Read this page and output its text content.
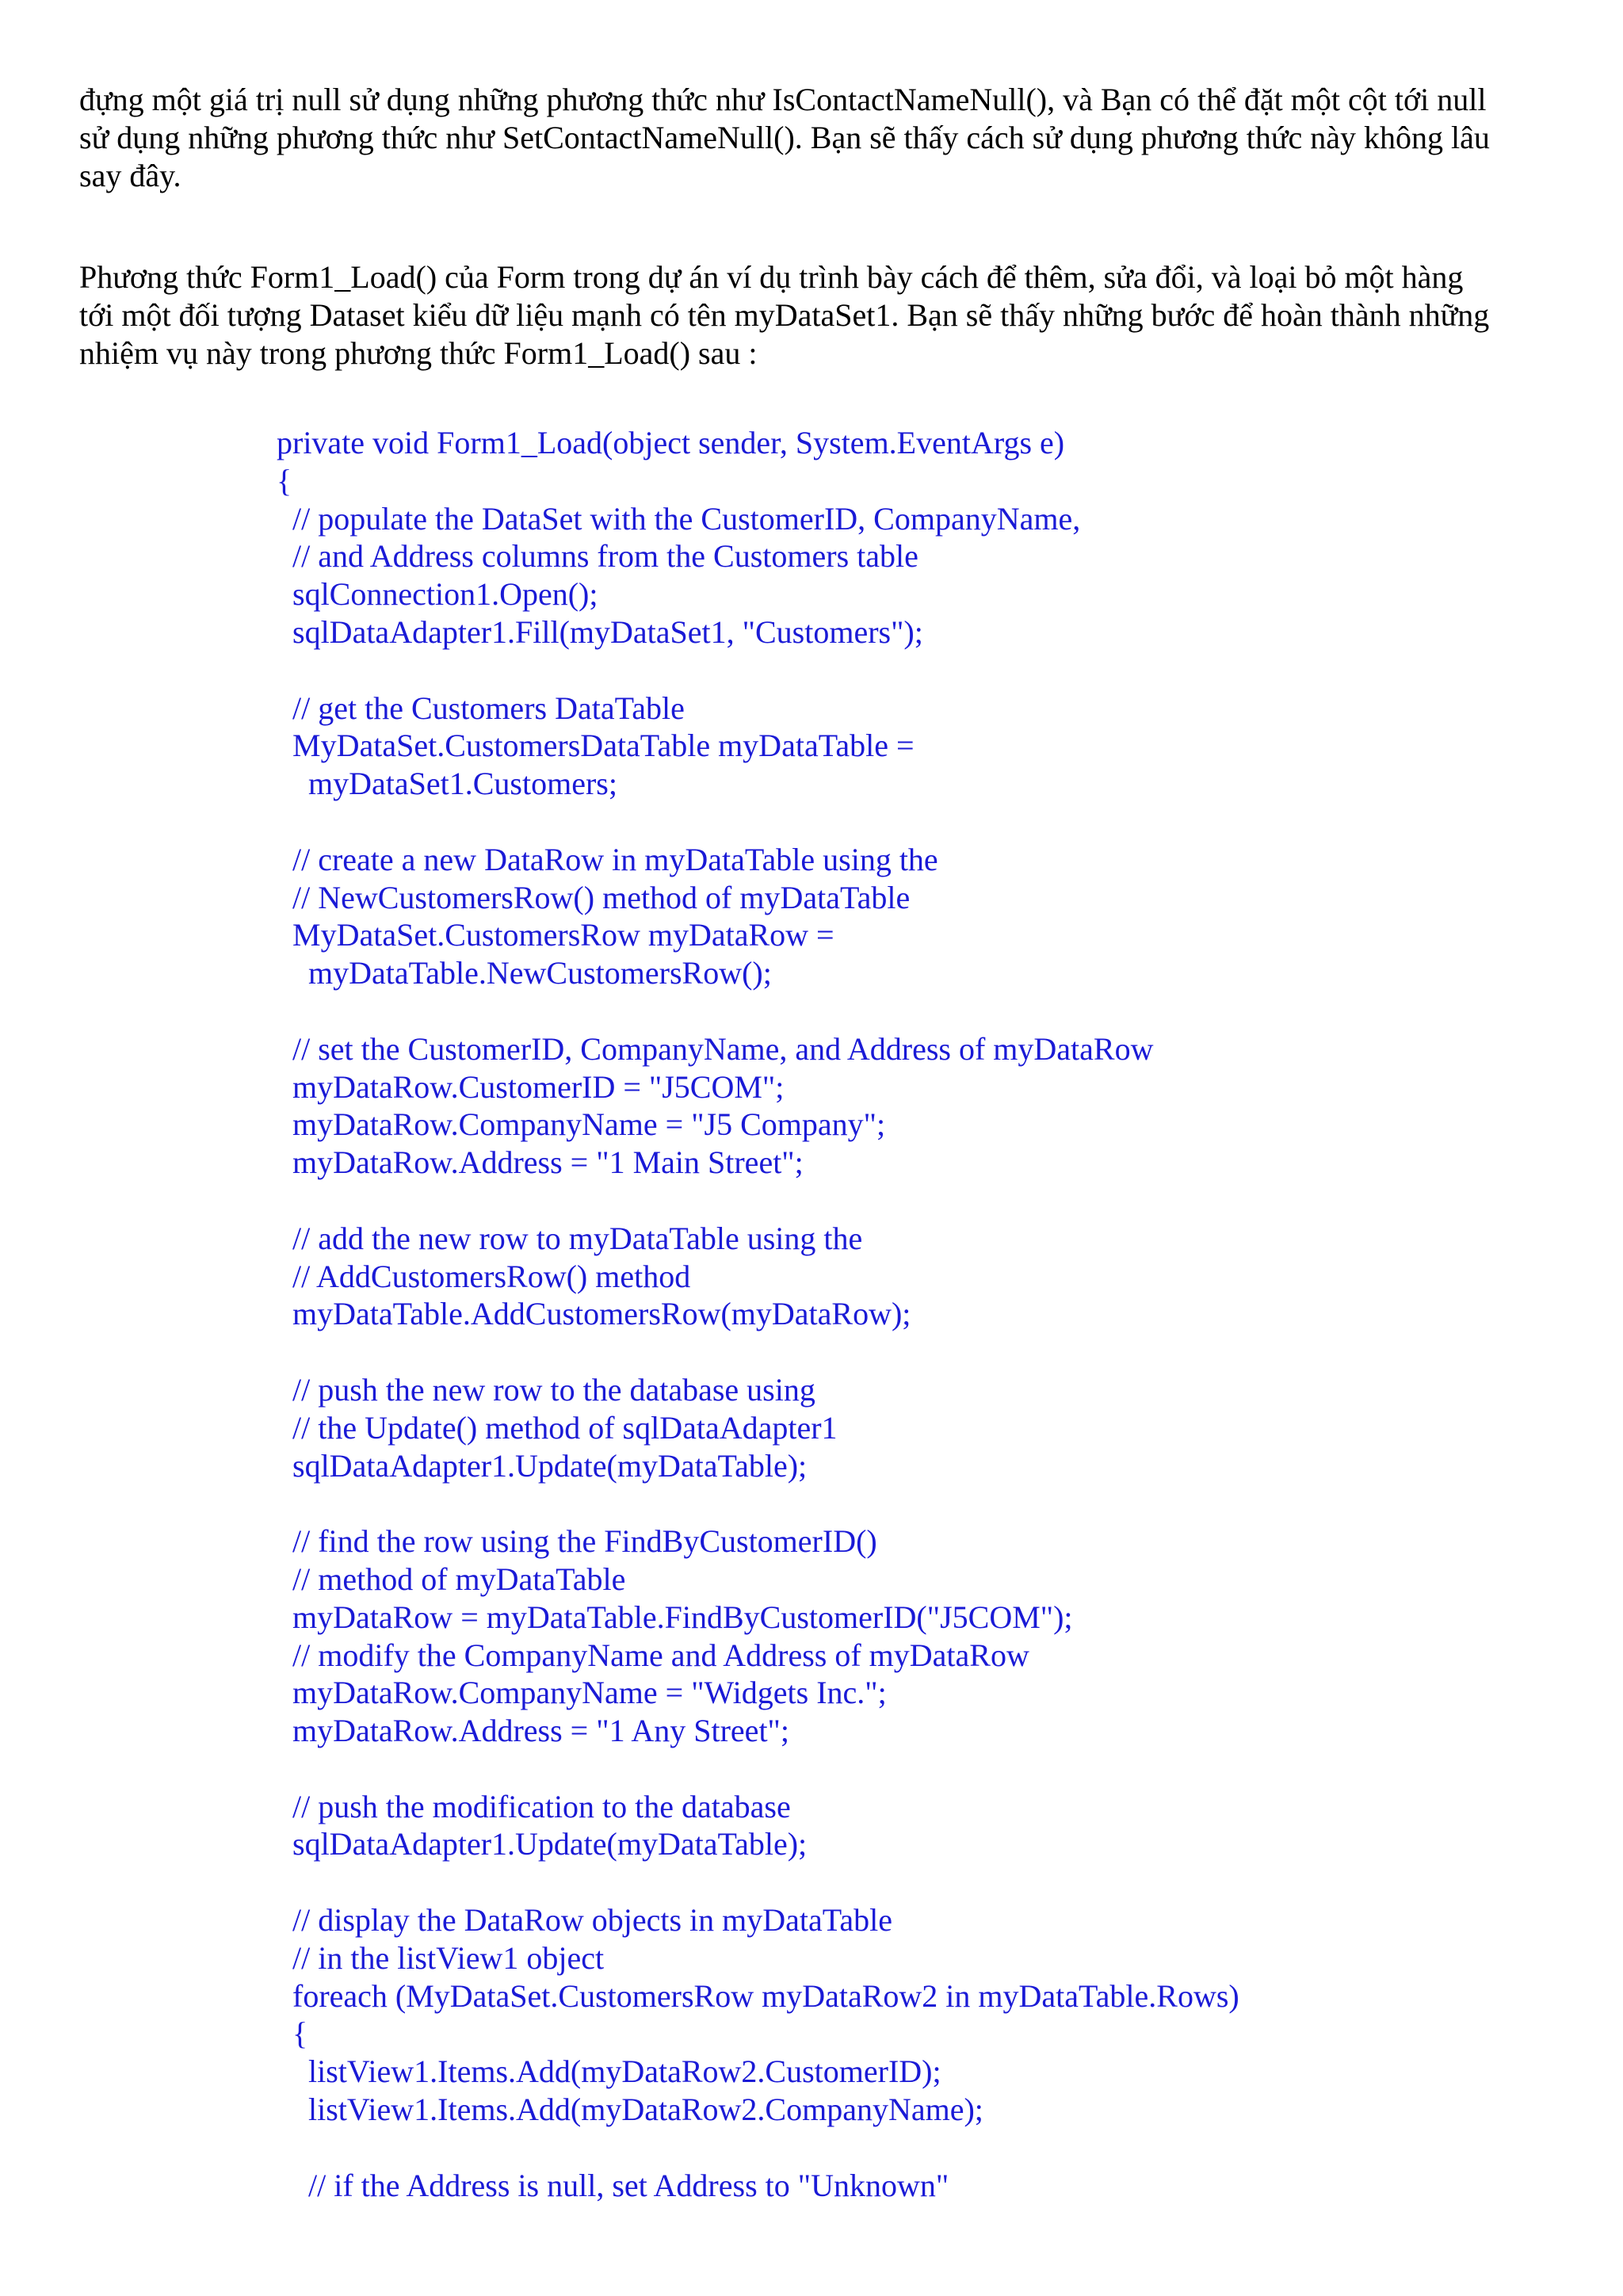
đựng một giá trị null sử dụng những phương thức như IsContactNameNull(), và Bạn có thể đặt một cột tới null
sử dụng những phương thức như SetContactNameNull(). Bạn sẽ thấy cách sử dụng phương thức này không lâu
say đây.
Phương thức Form1_Load() của Form trong dự án ví dụ trình bày cách để thêm, sửa đổi, và loại bỏ một hàng
tới một đối tượng Dataset kiểu dữ liệu mạnh có tên myDataSet1. Bạn sẽ thấy những bước để hoàn thành những
nhiệm vụ này trong phương thức Form1_Load() sau :
private void Form1_Load(object sender, System.EventArgs e)
{
// populate the DataSet with the CustomerID, CompanyName,
// and Address columns from the Customers table
sqlConnection1.Open();
sqlDataAdapter1.Fill(myDataSet1, "Customers");
// get the Customers DataTable
MyDataSet.CustomersDataTable myDataTable =
myDataSet1.Customers;
// create a new DataRow in myDataTable using the
// NewCustomersRow() method of myDataTable
MyDataSet.CustomersRow myDataRow =
myDataTable.NewCustomersRow();
// set the CustomerID, CompanyName, and Address of myDataRow
myDataRow.CustomerID = "J5COM";
myDataRow.CompanyName = "J5 Company";
myDataRow.Address = "1 Main Street";
// add the new row to myDataTable using the
// AddCustomersRow() method
myDataTable.AddCustomersRow(myDataRow);
// push the new row to the database using
// the Update() method of sqlDataAdapter1
sqlDataAdapter1.Update(myDataTable);
// find the row using the FindByCustomerID()
// method of myDataTable
myDataRow = myDataTable.FindByCustomerID("J5COM");
// modify the CompanyName and Address of myDataRow
myDataRow.CompanyName = "Widgets Inc.";
myDataRow.Address = "1 Any Street";
// push the modification to the database
sqlDataAdapter1.Update(myDataTable);
// display the DataRow objects in myDataTable
// in the listView1 object
foreach (MyDataSet.CustomersRow myDataRow2 in myDataTable.Rows)
{
listView1.Items.Add(myDataRow2.CustomerID);
listView1.Items.Add(myDataRow2.CompanyName);
// if the Address is null, set Address to "Unknown"
